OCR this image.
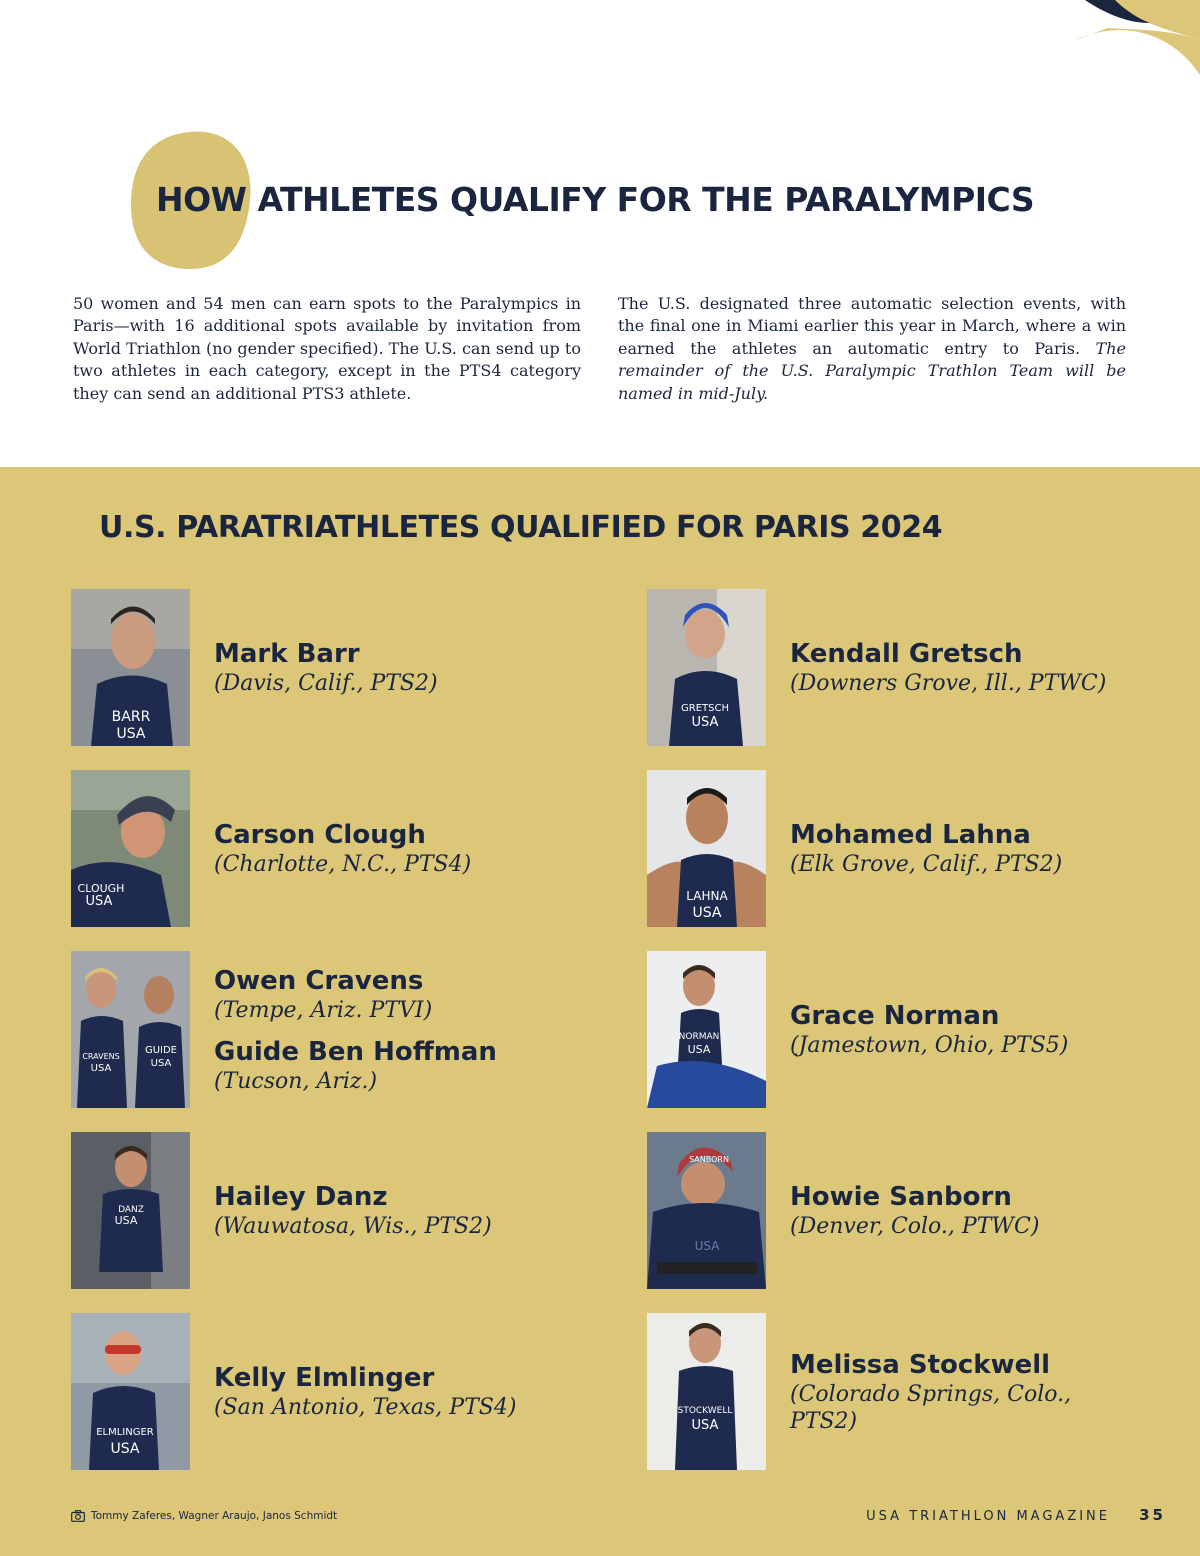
HOW ATHLETES QUALIFY FOR THE PARALYMPICS

50 women and 54 men can earn spots to the Paralympics in Paris—with 16 additional spots available by invitation from World Triathlon (no gender specified). The U.S. can send up to two athletes in each category, except in the PTS4 category they can send an additional PTS3 athlete.

The U.S. designated three automatic selection events, with the final one in Miami earlier this year in March, where a win earned the athletes an automatic entry to Paris. The remainder of the U.S. Paralympic Trathlon Team will be named in mid-July.

U.S. PARATRIATHLETES QUALIFIED FOR PARIS 2024
BARR
USA
Mark Barr
(Davis, Calif., PTS2)
GRETSCH
USA
Kendall Gretsch
(Downers Grove, Ill., PTWC)
CLOUGH
USA
Carson Clough
(Charlotte, N.C., PTS4)
LAHNA
USA
Mohamed Lahna
(Elk Grove, Calif., PTS2)
CRAVENS
USA
GUIDE
USA
Owen Cravens
(Tempe, Ariz. PTVI)
Guide Ben Hoffman
(Tucson, Ariz.)
NORMAN
USA
Grace Norman
(Jamestown, Ohio, PTS5)
DANZ
USA
Hailey Danz
(Wauwatosa, Wis., PTS2)
SANBORN
USA
Howie Sanborn
(Denver, Colo., PTWC)
ELMLINGER
USA
Kelly Elmlinger
(San Antonio, Texas, PTS4)	STOCKWELL
USA
Melissa Stockwell
(Colorado Springs, Colo., PTS2)
Tommy Zaferes, Wagner Araujo, Janos Schmidt	USA TRIATHLON MAGAZINE 35
